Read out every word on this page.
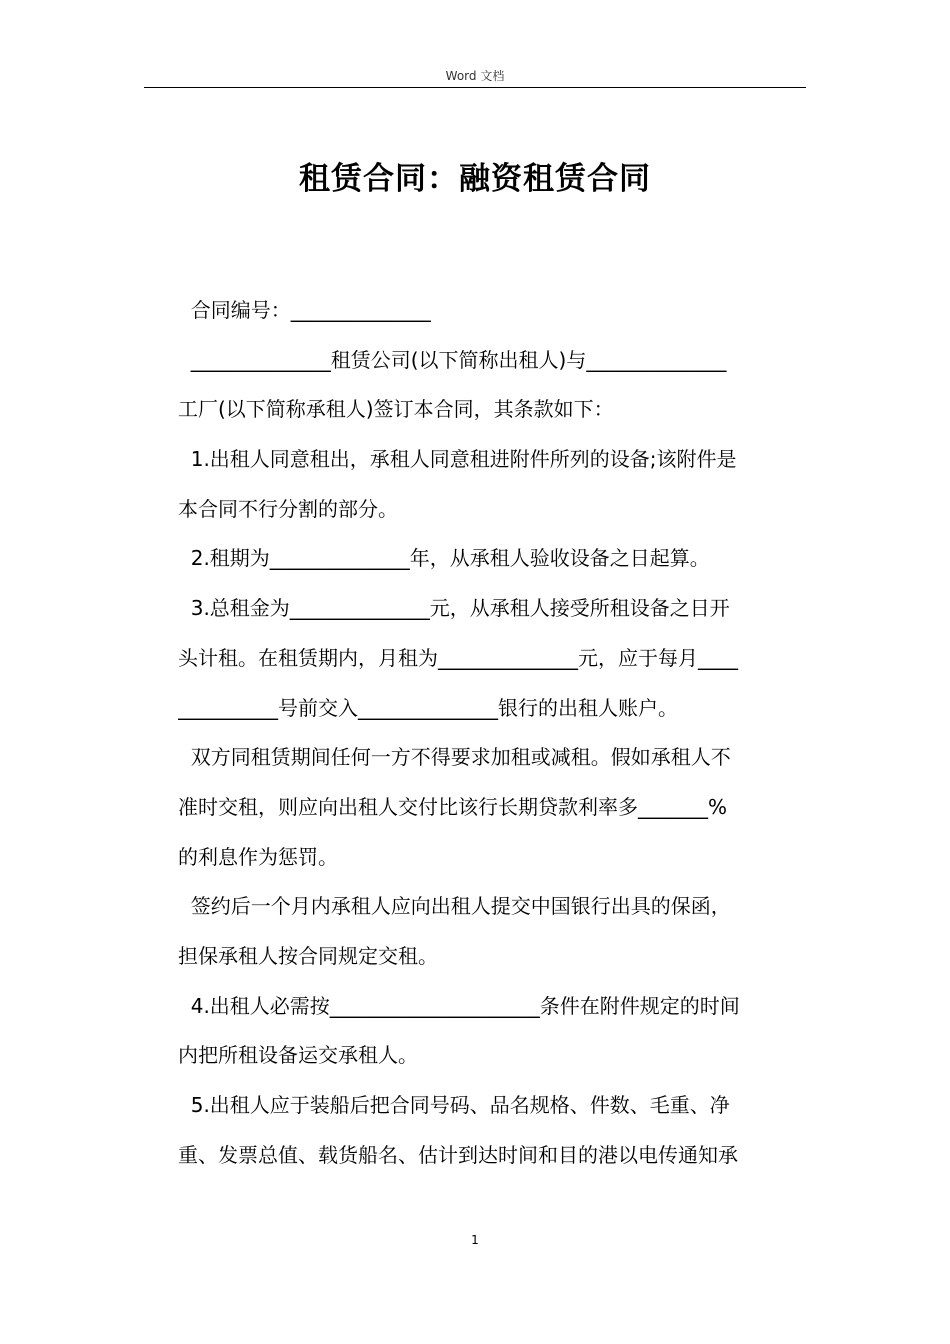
Word 文档
租赁合同：融资租赁合同
合同编号：______________
______________租赁公司(以下简称出租人)与______________
工厂(以下简称承租人)签订本合同，其条款如下：
1.出租人同意租出，承租人同意租进附件所列的设备;该附件是
本合同不行分割的部分。
2.租期为______________年，从承租人验收设备之日起算。
3.总租金为______________元，从承租人接受所租设备之日开
头计租。在租赁期内，月租为______________元，应于每月____
__________号前交入______________银行的出租人账户。
双方同租赁期间任何一方不得要求加租或减租。假如承租人不
准时交租，则应向出租人交付比该行长期贷款利率多_______%
的利息作为惩罚。
签约后一个月内承租人应向出租人提交中国银行出具的保函，
担保承租人按合同规定交租。
4.出租人必需按_____________________条件在附件规定的时间
内把所租设备运交承租人。
5.出租人应于装船后把合同号码、品名规格、件数、毛重、净
重、发票总值、载货船名、估计到达时间和目的港以电传通知承
1
